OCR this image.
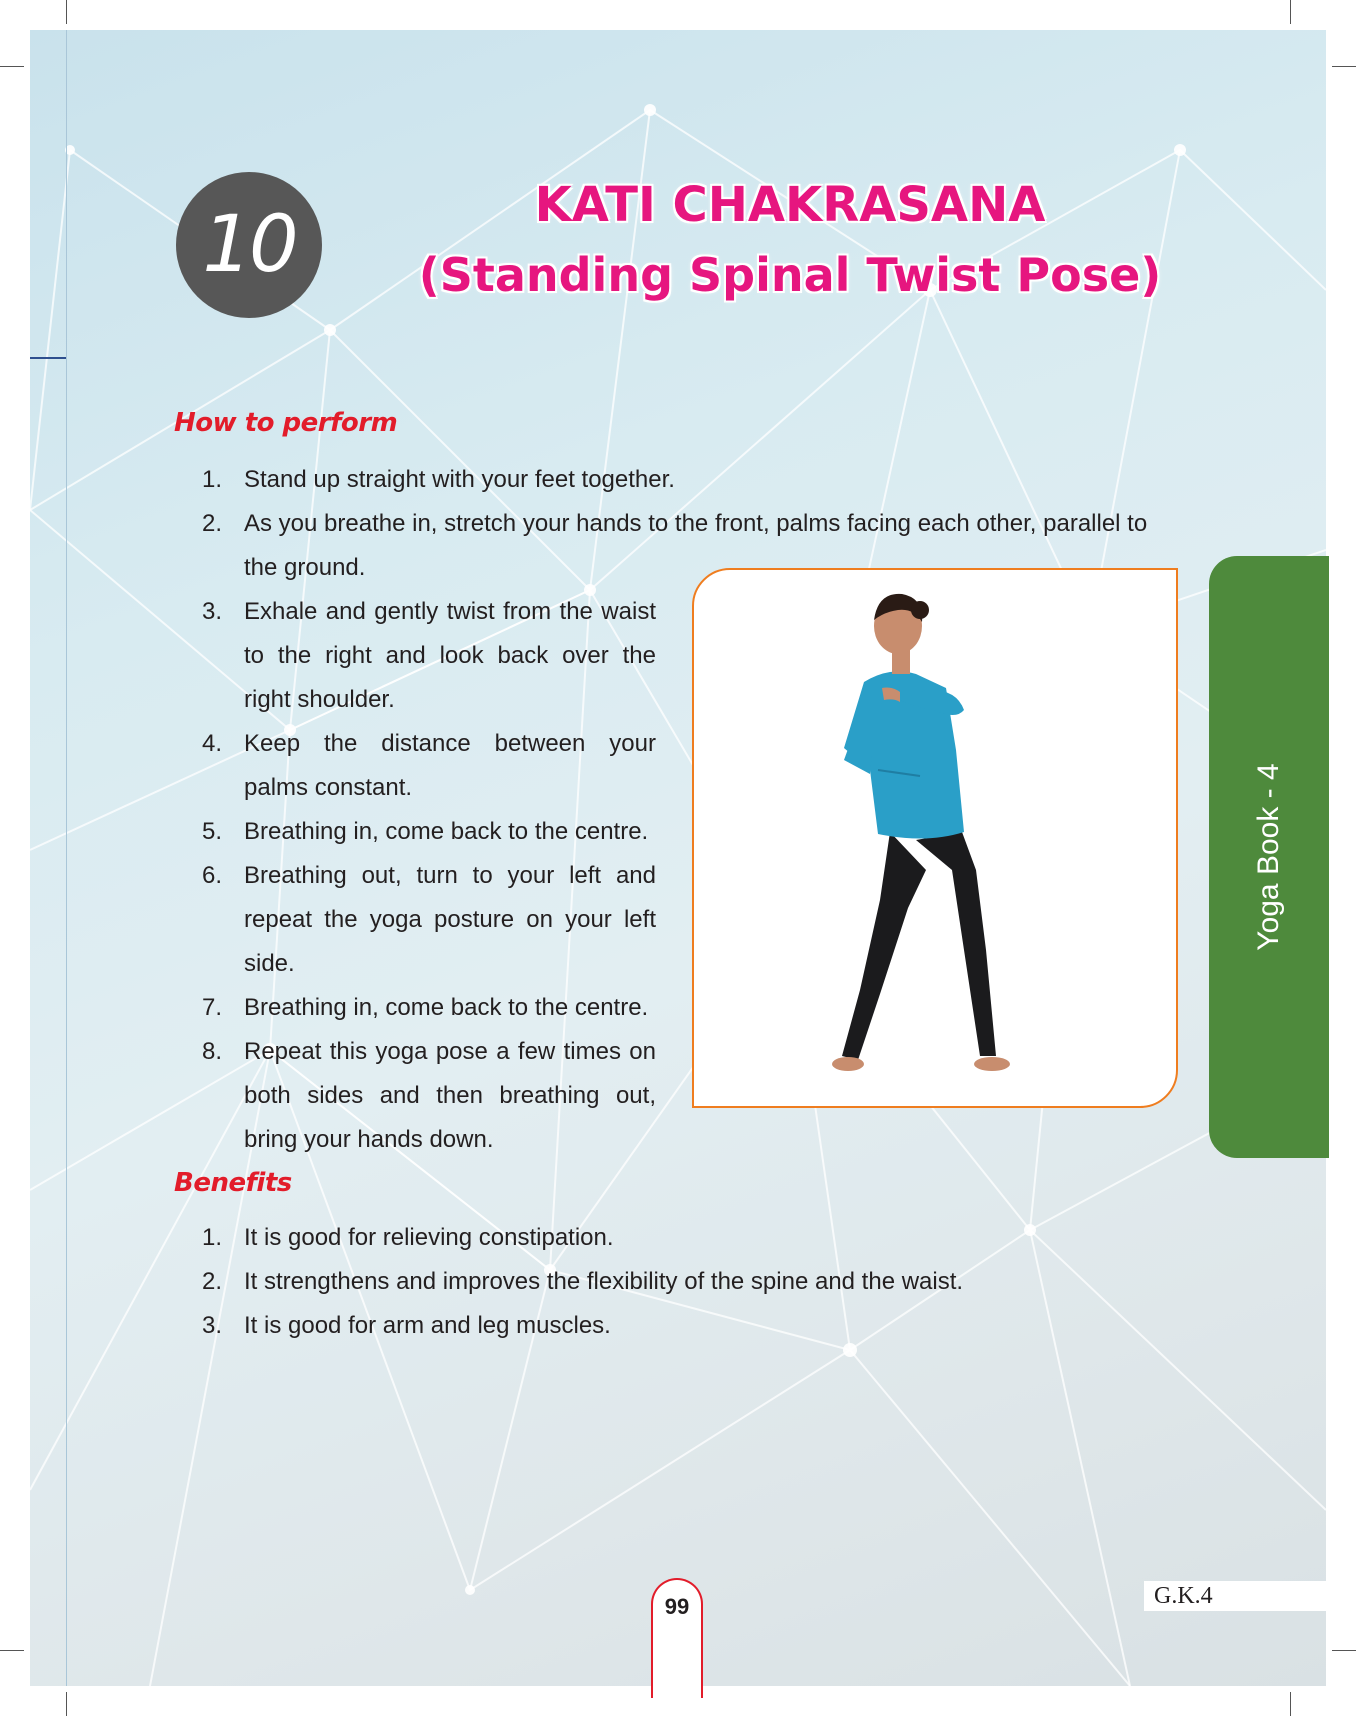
10	KATI CHAKRASANA
(Standing Spinal Twist Pose)
How to perform
1. Stand up straight with your feet together.
2. As you breathe in, stretch your hands to the front, palms facing each other, parallel to the ground.
3. Exhale and gently twist from the waist to the right and look back over the right shoulder.
4. Keep the distance between your palms constant.
5. Breathing in, come back to the centre.
6. Breathing out, turn to your left and repeat the yoga posture on your left side.
7. Breathing in, come back to the centre.
8. Repeat this yoga pose a few times on both sides and then breathing out, bring your hands down.
Benefits
1. It is good for relieving constipation.
2. It strengthens and improves the flexibility of the spine and the waist.
3. It is good for arm and leg muscles.
Yoga Book - 4
99	G.K.4
